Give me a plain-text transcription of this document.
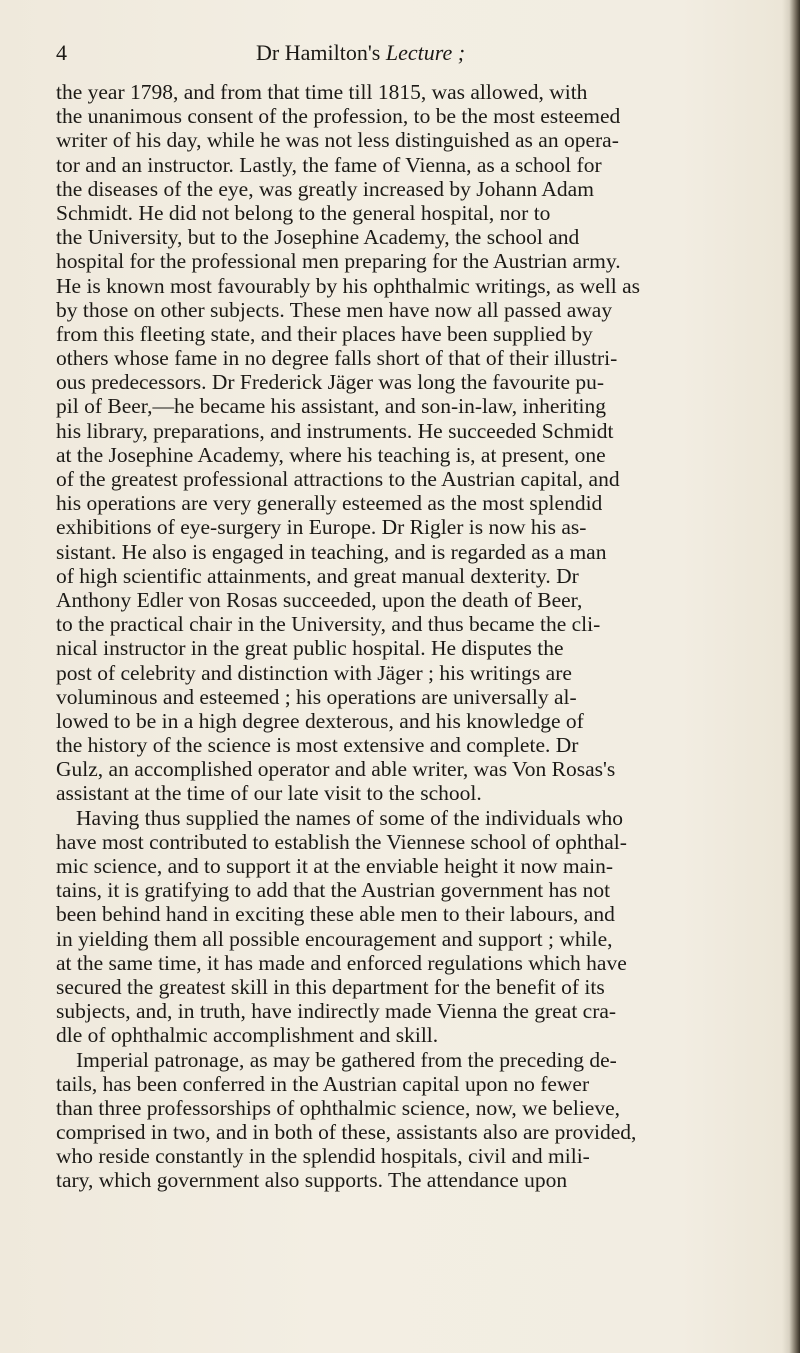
4	Dr Hamilton's Lecture ;
the year 1798, and from that time till 1815, was allowed, with
the unanimous consent of the profession, to be the most esteemed
writer of his day, while he was not less distinguished as an opera-
tor and an instructor. Lastly, the fame of Vienna, as a school for
the diseases of the eye, was greatly increased by Johann Adam
Schmidt. He did not belong to the general hospital, nor to
the University, but to the Josephine Academy, the school and
hospital for the professional men preparing for the Austrian army.
He is known most favourably by his ophthalmic writings, as well as
by those on other subjects. These men have now all passed away
from this fleeting state, and their places have been supplied by
others whose fame in no degree falls short of that of their illustri-
ous predecessors. Dr Frederick Jäger was long the favourite pu-
pil of Beer,—he became his assistant, and son-in-law, inheriting
his library, preparations, and instruments. He succeeded Schmidt
at the Josephine Academy, where his teaching is, at present, one
of the greatest professional attractions to the Austrian capital, and
his operations are very generally esteemed as the most splendid
exhibitions of eye-surgery in Europe. Dr Rigler is now his as-
sistant. He also is engaged in teaching, and is regarded as a man
of high scientific attainments, and great manual dexterity. Dr
Anthony Edler von Rosas succeeded, upon the death of Beer,
to the practical chair in the University, and thus became the cli-
nical instructor in the great public hospital. He disputes the
post of celebrity and distinction with Jäger ; his writings are
voluminous and esteemed ; his operations are universally al-
lowed to be in a high degree dexterous, and his knowledge of
the history of the science is most extensive and complete. Dr
Gulz, an accomplished operator and able writer, was Von Rosas's
assistant at the time of our late visit to the school.
Having thus supplied the names of some of the individuals who
have most contributed to establish the Viennese school of ophthal-
mic science, and to support it at the enviable height it now main-
tains, it is gratifying to add that the Austrian government has not
been behind hand in exciting these able men to their labours, and
in yielding them all possible encouragement and support ; while,
at the same time, it has made and enforced regulations which have
secured the greatest skill in this department for the benefit of its
subjects, and, in truth, have indirectly made Vienna the great cra-
dle of ophthalmic accomplishment and skill.
Imperial patronage, as may be gathered from the preceding de-
tails, has been conferred in the Austrian capital upon no fewer
than three professorships of ophthalmic science, now, we believe,
comprised in two, and in both of these, assistants also are provided,
who reside constantly in the splendid hospitals, civil and mili-
tary, which government also supports. The attendance upon
